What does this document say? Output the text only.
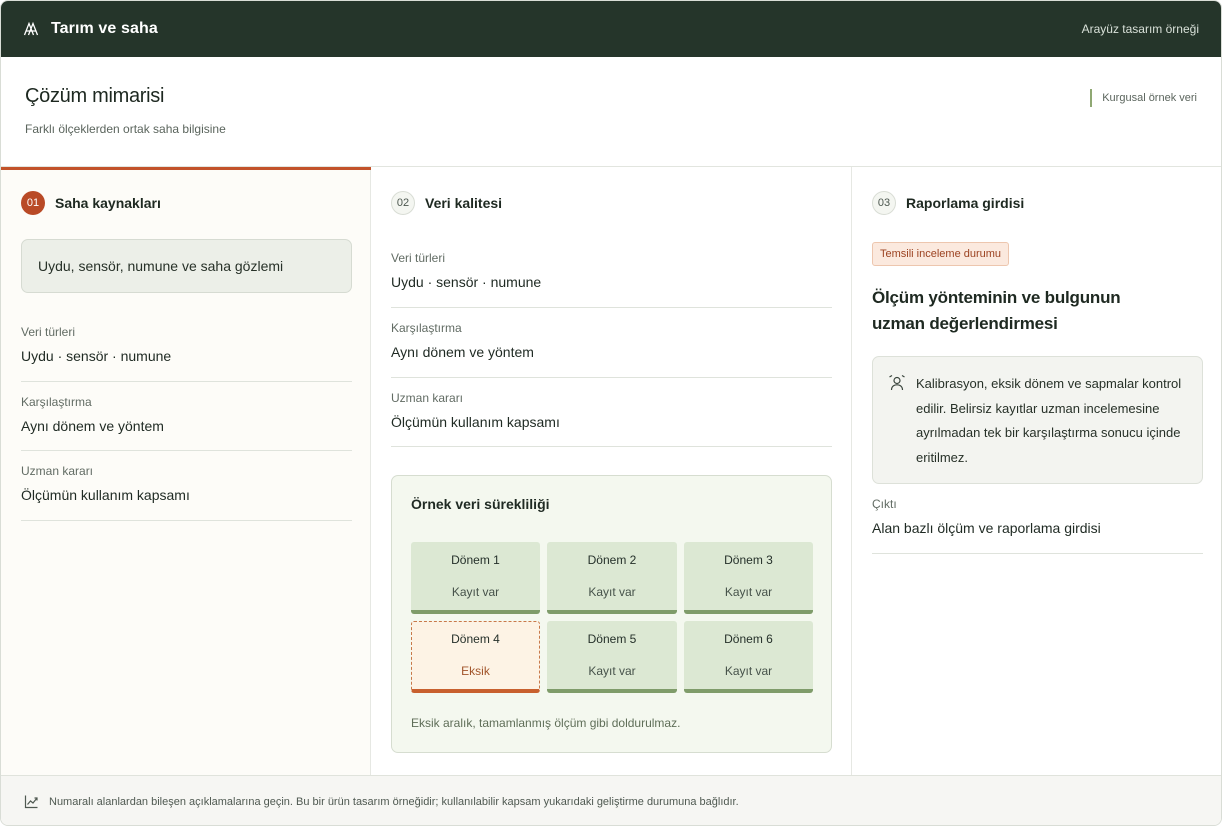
Tarım ve saha	Arayüz tasarım örneği
Çözüm mimarisi

Farklı ölçeklerden ortak saha bilgisine

Kurgusal örnek veri
01	Saha kaynakları
Uydu, sensör, numune ve saha gözlemi
Veri türleri
Uydu · sensör · numune
Karşılaştırma
Aynı dönem ve yöntem
Uzman kararı
Ölçümün kullanım kapsamı
02	Veri kalitesi
Veri türleri
Uydu · sensör · numune
Karşılaştırma
Aynı dönem ve yöntem
Uzman kararı
Ölçümün kullanım kapsamı
Örnek veri sürekliliği
Dönem 1
Kayıt var
Dönem 2
Kayıt var
Dönem 3
Kayıt var
Dönem 4
Eksik
Dönem 5
Kayıt var
Dönem 6
Kayıt var
Eksik aralık, tamamlanmış ölçüm gibi doldurulmaz.
03	Raporlama girdisi
Temsili inceleme durumu
Ölçüm yönteminin ve bulgunun uzman değerlendirmesi
Kalibrasyon, eksik dönem ve sapmalar kontrol edilir. Belirsiz kayıtlar uzman incelemesine ayrılmadan tek bir karşılaştırma sonucu içinde eritilmez.
Çıktı
Alan bazlı ölçüm ve raporlama girdisi
Numaralı alanlardan bileşen açıklamalarına geçin. Bu bir ürün tasarım örneğidir; kullanılabilir kapsam yukarıdaki geliştirme durumuna bağlıdır.
